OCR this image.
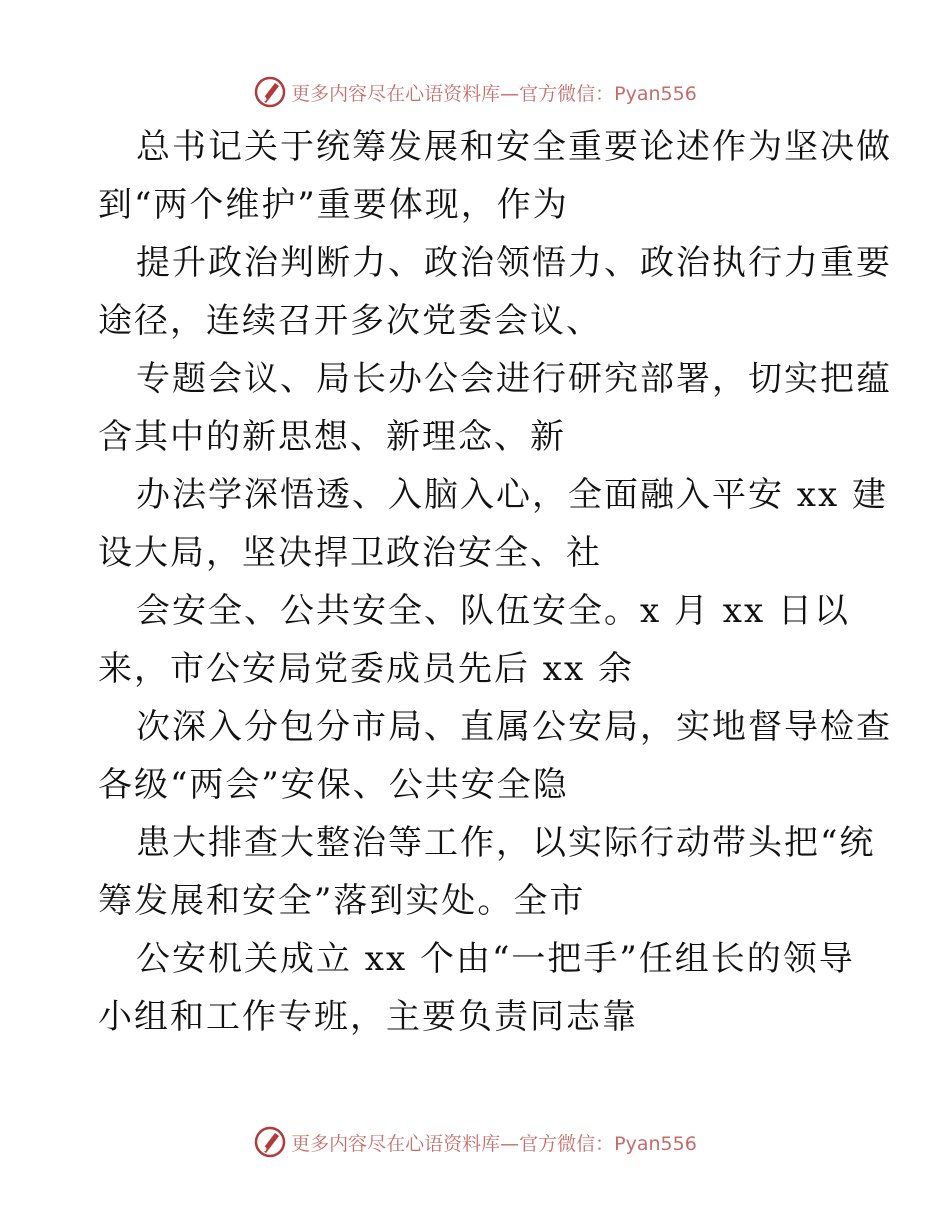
更多内容尽在心语资料库—官方微信：Pyan556
总书记关于统筹发展和安全重要论述作为坚决做
到“两个维护”重要体现，作为
提升政治判断力、政治领悟力、政治执行力重要
途径，连续召开多次党委会议、
专题会议、局长办公会进行研究部署，切实把蕴
含其中的新思想、新理念、新
办法学深悟透、入脑入心，全面融入平安 xx 建
设大局，坚决捍卫政治安全、社
会安全、公共安全、队伍安全。x 月 xx 日以
来，市公安局党委成员先后 xx 余
次深入分包分市局、直属公安局，实地督导检查
各级“两会”安保、公共安全隐
患大排查大整治等工作，以实际行动带头把“统
筹发展和安全”落到实处。全市
公安机关成立 xx 个由“一把手”任组长的领导
小组和工作专班，主要负责同志靠
更多内容尽在心语资料库—官方微信：Pyan556
